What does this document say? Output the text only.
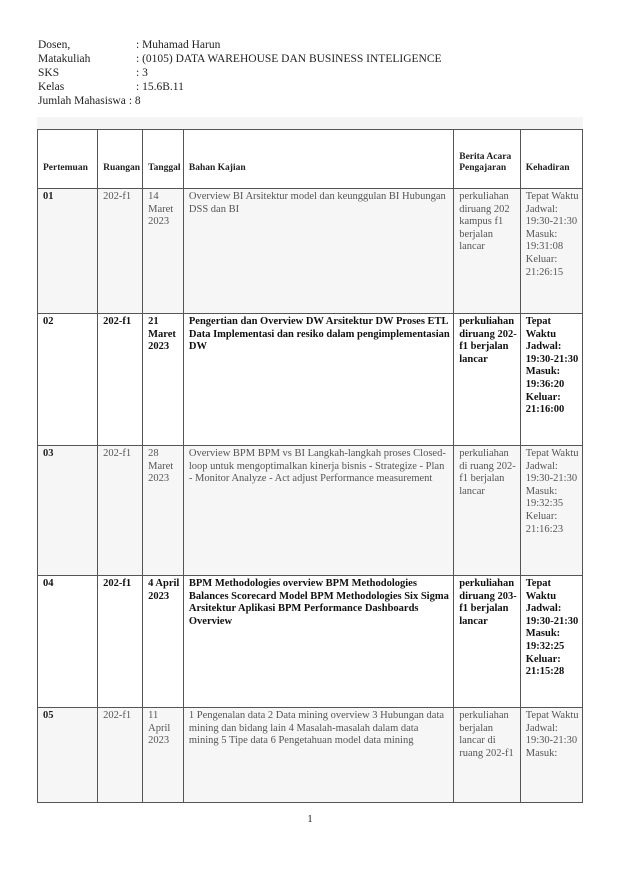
Dosen,	: Muhamad Harun
Matakuliah	: (0105) DATA WAREHOUSE DAN BUSINESS INTELIGENCE
SKS	: 3
Kelas	: 15.6B.11
Jumlah Mahasiswa : 8
Pertemuan	Ruangan	Tanggal	Bahan Kajian	Berita Acara Pengajaran	Kehadiran
01	202-f1	14 Maret 2023	Overview BI Arsitektur model dan keunggulan BI Hubungan DSS dan BI	perkuliahan diruang 202 kampus f1 berjalan lancar	Tepat Waktu Jadwal: 19:30-21:30 Masuk: 19:31:08 Keluar: 21:26:15
02	202-f1	21 Maret 2023	Pengertian dan Overview DW Arsitektur DW Proses ETL Data Implementasi dan resiko dalam pengimplementasian DW	perkuliahan diruang 202-f1 berjalan lancar	Tepat Waktu Jadwal: 19:30-21:30 Masuk: 19:36:20 Keluar: 21:16:00
03	202-f1	28 Maret 2023	Overview BPM BPM vs BI Langkah-langkah proses Closed-loop untuk mengoptimalkan kinerja bisnis - Strategize - Plan - Monitor Analyze - Act adjust Performance measurement	perkuliahan di ruang 202-f1 berjalan lancar	Tepat Waktu Jadwal: 19:30-21:30 Masuk: 19:32:35 Keluar: 21:16:23
04	202-f1	4 April 2023	BPM Methodologies overview BPM Methodologies Balances Scorecard Model BPM Methodologies Six Sigma Arsitektur Aplikasi BPM Performance Dashboards Overview	perkuliahan diruang 203-f1 berjalan lancar	Tepat Waktu Jadwal: 19:30-21:30 Masuk: 19:32:25 Keluar: 21:15:28
05	202-f1	11 April 2023	1 Pengenalan data 2 Data mining overview 3 Hubungan data mining dan bidang lain 4 Masalah-masalah dalam data mining 5 Tipe data 6 Pengetahuan model data mining	perkuliahan berjalan lancar di ruang 202-f1	Tepat Waktu Jadwal: 19:30-21:30 Masuk:
1
